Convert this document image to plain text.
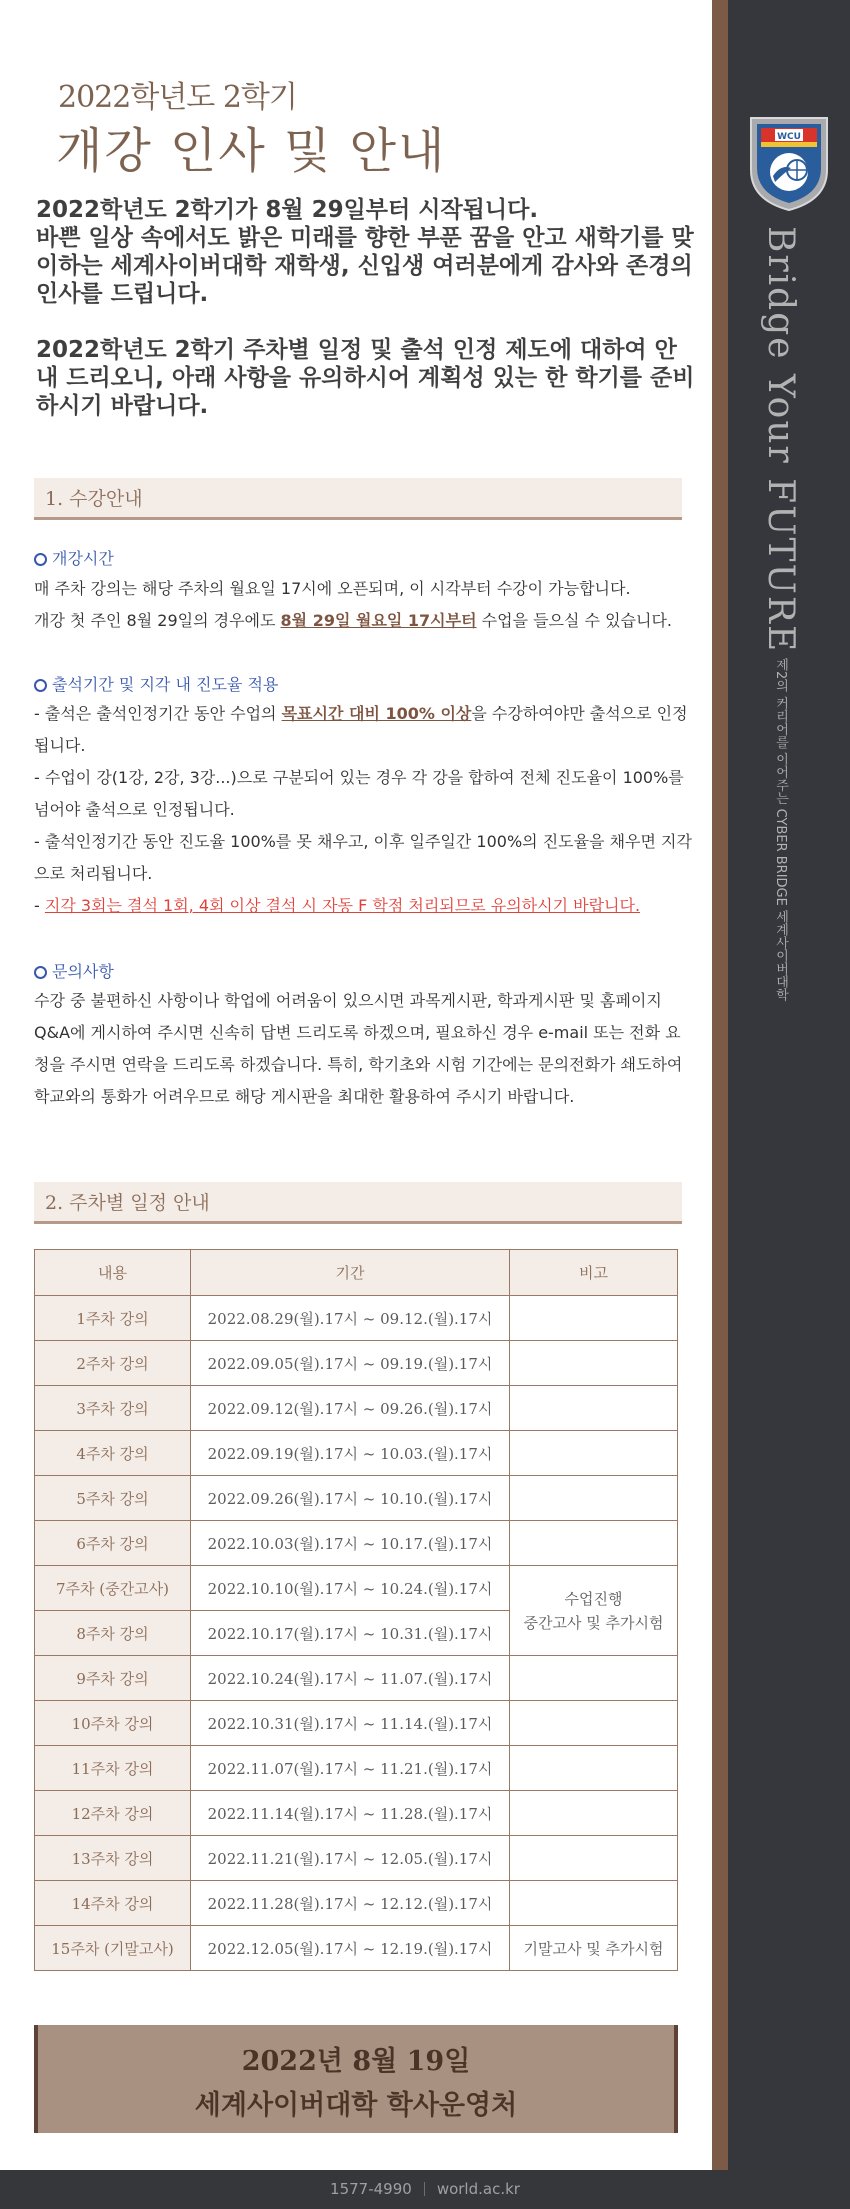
2022학년도 2학기
개강 인사 및 안내
2022학년도 2학기가 8월 29일부터 시작됩니다.
바쁜 일상 속에서도 밝은 미래를 향한 부푼 꿈을 안고 새학기를 맞이하는 세계사이버대학 재학생, 신입생 여러분에게 감사와 존경의 인사를 드립니다.
2022학년도 2학기 주차별 일정 및 출석 인정 제도에 대하여 안내 드리오니, 아래 사항을 유의하시어 계획성 있는 한 학기를 준비하시기 바랍니다.
1. 수강안내
개강시간
매 주차 강의는 해당 주차의 월요일 17시에 오픈되며, 이 시각부터 수강이 가능합니다.
개강 첫 주인 8월 29일의 경우에도 8월 29일 월요일 17시부터 수업을 들으실 수 있습니다.
출석기간 및 지각 내 진도율 적용
- 출석은 출석인정기간 동안 수업의 목표시간 대비 100% 이상을 수강하여야만 출석으로 인정됩니다.
- 수업이 강(1강, 2강, 3강...)으로 구분되어 있는 경우 각 강을 합하여 전체 진도율이 100%를 넘어야 출석으로 인정됩니다.
- 출석인정기간 동안 진도율 100%를 못 채우고, 이후 일주일간 100%의 진도율을 채우면 지각으로 처리됩니다.
- 지각 3회는 결석 1회, 4회 이상 결석 시 자동 F 학점 처리되므로 유의하시기 바랍니다.
문의사항
수강 중 불편하신 사항이나 학업에 어려움이 있으시면 과목게시판, 학과게시판 및 홈페이지 Q&A에 게시하여 주시면 신속히 답변 드리도록 하겠으며, 필요하신 경우 e-mail 또는 전화 요청을 주시면 연락을 드리도록 하겠습니다. 특히, 학기초와 시험 기간에는 문의전화가 쇄도하여 학교와의 통화가 어려우므로 해당 게시판을 최대한 활용하여 주시기 바랍니다.
2. 주차별 일정 안내
내용	기간	비고
1주차 강의	2022.08.29(월).17시 ~ 09.12.(월).17시	
2주차 강의	2022.09.05(월).17시 ~ 09.19.(월).17시	
3주차 강의	2022.09.12(월).17시 ~ 09.26.(월).17시	
4주차 강의	2022.09.19(월).17시 ~ 10.03.(월).17시	
5주차 강의	2022.09.26(월).17시 ~ 10.10.(월).17시	
6주차 강의	2022.10.03(월).17시 ~ 10.17.(월).17시	
7주차 (중간고사)	2022.10.10(월).17시 ~ 10.24.(월).17시	수업진행
중간고사 및 추가시험

8주차 강의	2022.10.17(월).17시 ~ 10.31.(월).17시	
9주차 강의	2022.10.24(월).17시 ~ 11.07.(월).17시	
10주차 강의	2022.10.31(월).17시 ~ 11.14.(월).17시	
11주차 강의	2022.11.07(월).17시 ~ 11.21.(월).17시	
12주차 강의	2022.11.14(월).17시 ~ 11.28.(월).17시	
13주차 강의	2022.11.21(월).17시 ~ 12.05.(월).17시	
14주차 강의	2022.11.28(월).17시 ~ 12.12.(월).17시	
15주차 (기말고사)	2022.12.05(월).17시 ~ 12.19.(월).17시	기말고사 및 추가시험
2022년 8월 19일
세계사이버대학 학사운영처
WCU
Bridge Your FUTURE 제2의 커리어를 이어주는 CYBER BRIDGE 세계사이버대학
1577-4990 world.ac.kr
